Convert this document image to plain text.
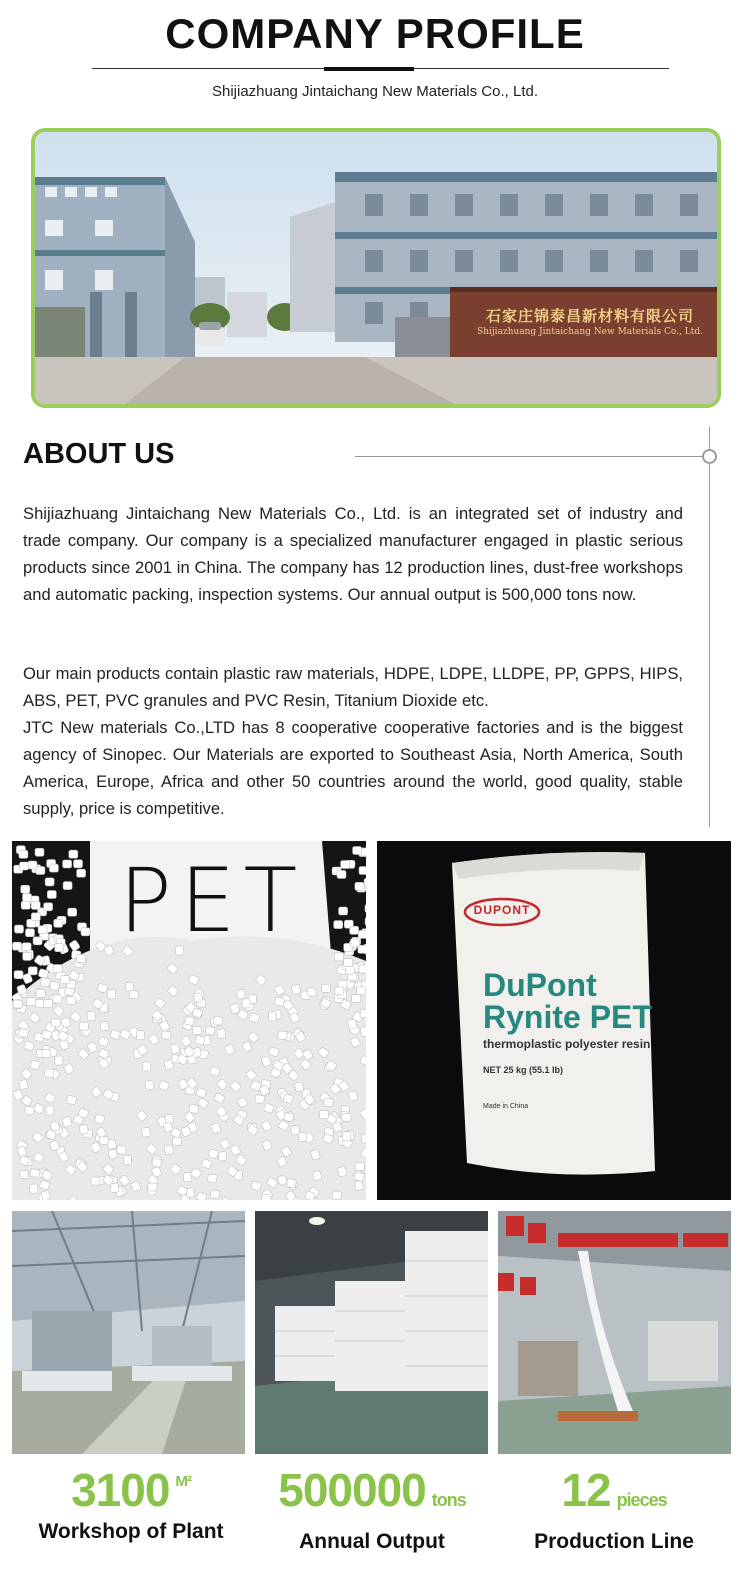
COMPANY PROFILE
Shijiazhuang Jintaichang New Materials Co., Ltd.
石家庄锦泰昌新材料有限公司
Shijiazhuang Jintaichang New Materials Co., Ltd.
ABOUT US

Shijiazhuang Jintaichang New Materials Co., Ltd. is an integrated set of industry and trade company. Our company is a specialized manufacturer engaged in plastic serious products since 2001 in China. The company has 12 production lines, dust-free workshops and automatic packing, inspection systems. Our annual output is 500,000 tons now.

Our main products contain plastic raw materials, HDPE, LDPE, LLDPE, PP, GPPS, HIPS, ABS, PET, PVC granules and PVC Resin, Titanium Dioxide etc.

JTC New materials Co.,LTD has 8 cooperative cooperative factories and is the biggest agency of Sinopec. Our Materials are exported to Southeast Asia, North America, South America, Europe, Africa and other 50 countries around the world, good quality, stable supply, price is competitive.

PET	DUPONT
DuPont
Rynite PET
thermoplastic polyester resin
NET 25 kg (55.1 lb)
Made in China
3100 $^{M^2}$
Workshop of Plant
500000 tons
Annual Output
12 pieces
Production Line
